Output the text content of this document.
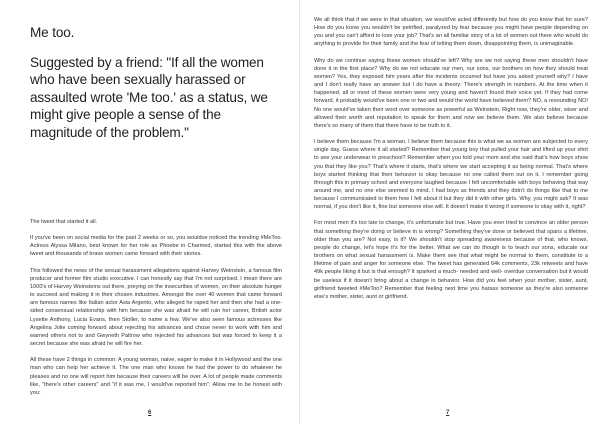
Me too.

Suggested by a friend: "If all the women who have been sexually harassed or assaulted wrote 'Me too.' as a status, we might give people a sense of the magnitude of the problem."

The tweet that started it all.

If you've been on social media for the past 2 weeks or so, you wouldve noticed the trending #MeToo. Actress Alyssa Milano, best known for her role as Phoebe in Charmed, started this with the above tweet and thousands of brave women came forward with their stories.

This followed the news of the sexual harassment allegations against Harvey Weinstein, a famous film producer and former film studio executive. I can honestly say that I'm not surprised. I mean there are 1000's of Harvey Weinsteins out there, preying on the insecurities of women, on their absolute hunger to succeed and making it in their chosen industries. Amongst the over 40 women that came forward are famous names like Italian actor Asia Argento, who alleged he raped her and then she had a one-sided consensual relationship with him because she was afraid he will ruin her career, British actor Lysette Anthony, Lucia Evans, then Stoller, to name a few. We've also seen famous actresses like Angelina Jolie coming forward about rejecting his advances and chose never to work with him and warned others not to and Gwyneth Paltrow who rejected his advances but was forced to keep it a secret because she was afraid he will fire her.

All these have 2 things in common: A young woman, naive, eager to make it in Hollywood and the one man who can help her achieve it. The one man who knows he had the power to do whatever he pleases and no one will report him because their careers will be over. A lot of people made comments like, "there's other careers" and "if it was me, I would've reported him". Allow me to be honest with you:

6

We all think that if we were in that situation, we would've acted differently but how do you know that for sure? How do you know you wouldn't be petrified, paralyzed by fear because you might have people depending on you and you can't afford to lose your job? That's an all familiar story of a lot of women out there who would do anything to provide for their family and the fear of letting them down, disappointing them, is unimaginable.

Why do we continue saying these women should've left? Why are we not saying these men shouldn't have done it in the first place? Why do we not educate our men, our sons, our brothers on how they should treat women? Yes, they exposed him years after the incidents occurred but have you asked yourself why? I have and I don't really have an answer but I do have a theory: There's strength in numbers. At the time when it happened, all or most of these women were very young and haven't found their voice yet. If they had come forward, it probably would've been one or two and would the world have believed them? NO, a resounding NO! No one would've taken their word over someone as powerful as Weinstein. Right now, they're older, wiser and allowed their worth and reputation to speak for them and now we believe them. We also believe because there's so many of them that there have to be truth to it.

I believe them because I'm a woman. I believe them because this is what we as women are subjected to every single day. Guess where it all started? Remember that young boy that pulled your hair and lifted up your shirt to see your underwear in preschool? Remember when you told your mom and she said that's how boys show you that they like you? That's where it starts, that's where we start accepting it as being normal. That's where boys started thinking that their behavior is okay because no one called them out on it. I remember going through this in primary school and everyone laughed because I felt uncomfortable with boys behaving that way around me, and no one else seemed to mind. I had boys as friends and they didn't do things like that to me because I communicated to them how I felt about it but they did it with other girls. Why, you might ask? It was normal, if you don't like it, fine but someone else will. It doesn't make it wrong if someone is okay with it, right?

For most men it's too late to change, it's unfortunate but true. Have you ever tried to convince an older person that something they're doing or believe in is wrong? Something they've done or believed that spans a lifetime, older than you are? Not easy, is it? We shouldn't stop spreading awareness because of that, who knows, people do change, let's hope it's for the better. What we can do though is to teach our sons, educate our brothers on what sexual harassment is. Make them see that what might be normal to them, constitute to a lifetime of pain and anger for someone else. The tweet has generated 64k comments, 23k retweets and have 49k people liking it but is that enough? It sparked a much- needed and well- overdue conversation but it would be useless if it doesn't bring about a change in behavior. How did you feel when your mother, sister, aunt, girlfriend tweeted #MeToo? Remember that feeling next time you harass someone as they're also someone else's mother, sister, aunt or girlfriend.

7
